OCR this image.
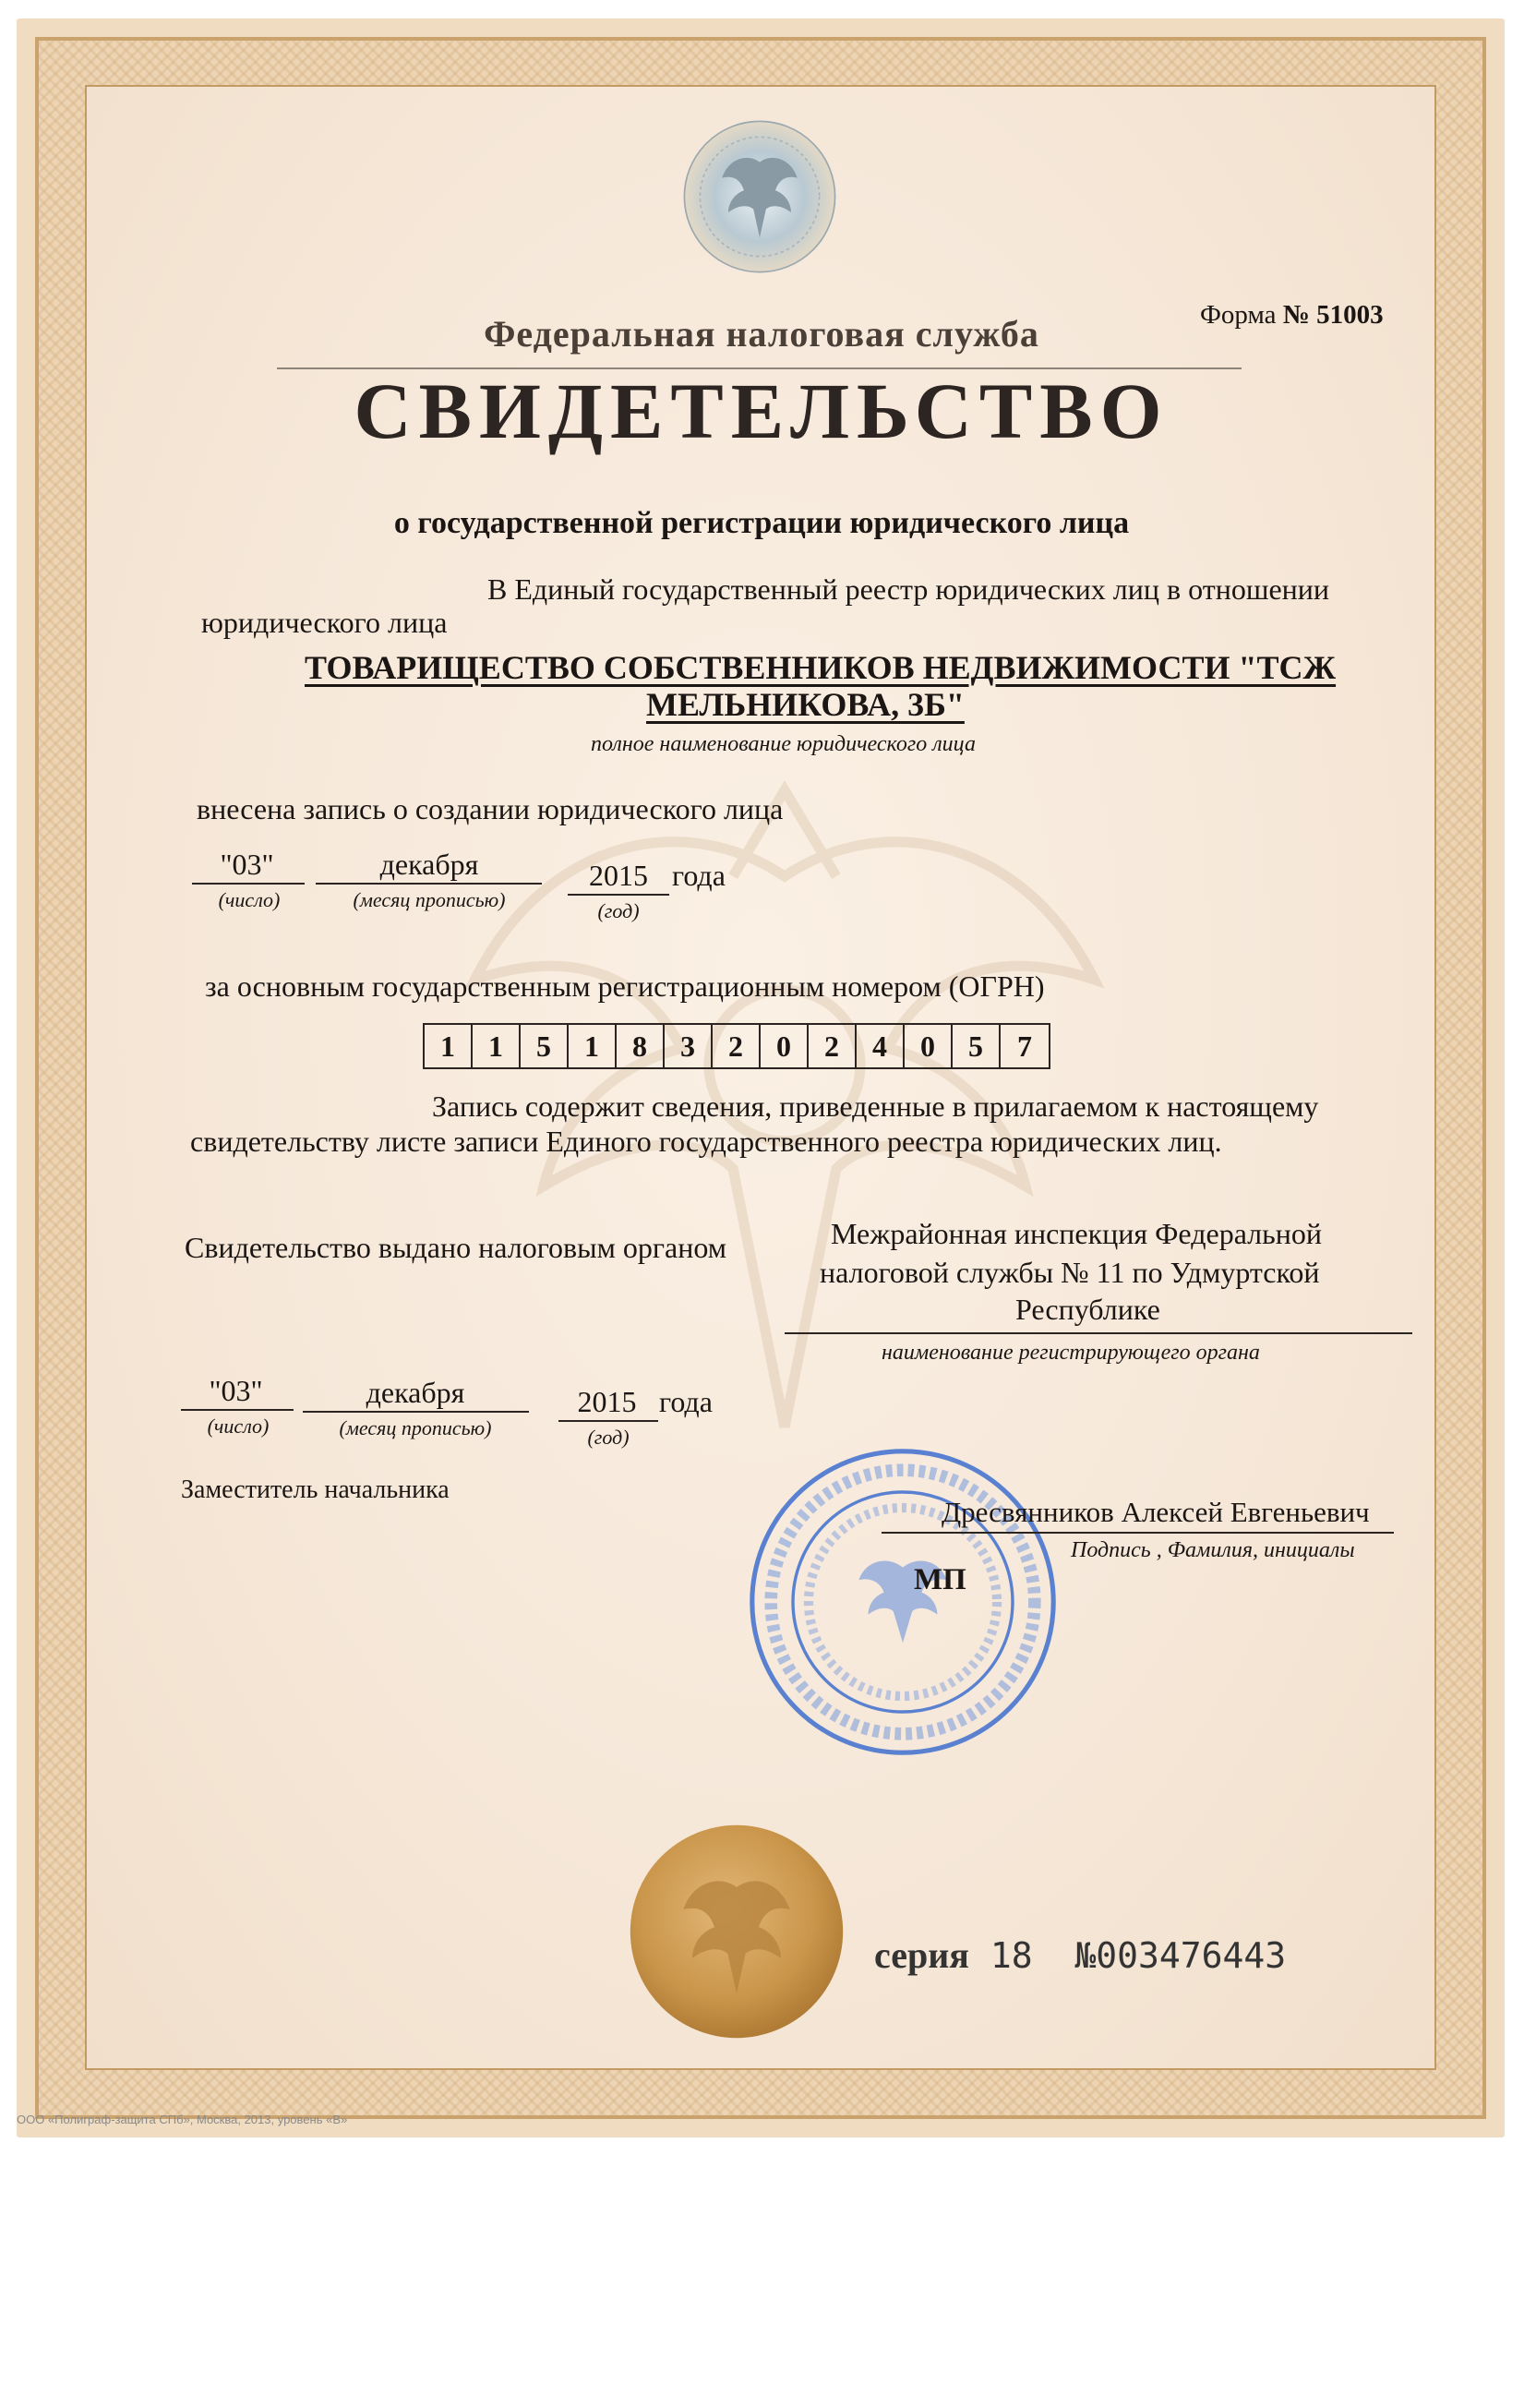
Форма № 51003
Федеральная налоговая служба
СВИДЕТЕЛЬСТВО
о государственной регистрации юридического лица
В Единый государственный реестр юридических лиц в отношении
юридического лица
ТОВАРИЩЕСТВО СОБСТВЕННИКОВ НЕДВИЖИМОСТИ "ТСЖ
МЕЛЬНИКОВА, 3Б"
полное наименование юридического лица
внесена запись о создании юридического лица
"03"
(число)
декабря
(месяц прописью)
2015
(год)
года
за основным государственным регистрационным номером (ОГРН)
1	1	5	1	8	3	2	0	2	4	0	5	7
Запись содержит сведения, приведенные в прилагаемом к настоящему
свидетельству листе записи Единого государственного реестра юридических лиц.
Свидетельство выдано налоговым органом	Межрайонная инспекция Федеральной
налоговой службы № 11 по Удмуртской
Республике
наименование регистрирующего органа
"03"
(число)
декабря
(месяц прописью)
2015
(год)
года
Заместитель начальника
Дресвянников Алексей Евгеньевич
Подпись , Фамилия, инициалы
МП
серия 18 №003476443
ООО «Полиграф-защита СПб», Москва, 2013, уровень «В»
